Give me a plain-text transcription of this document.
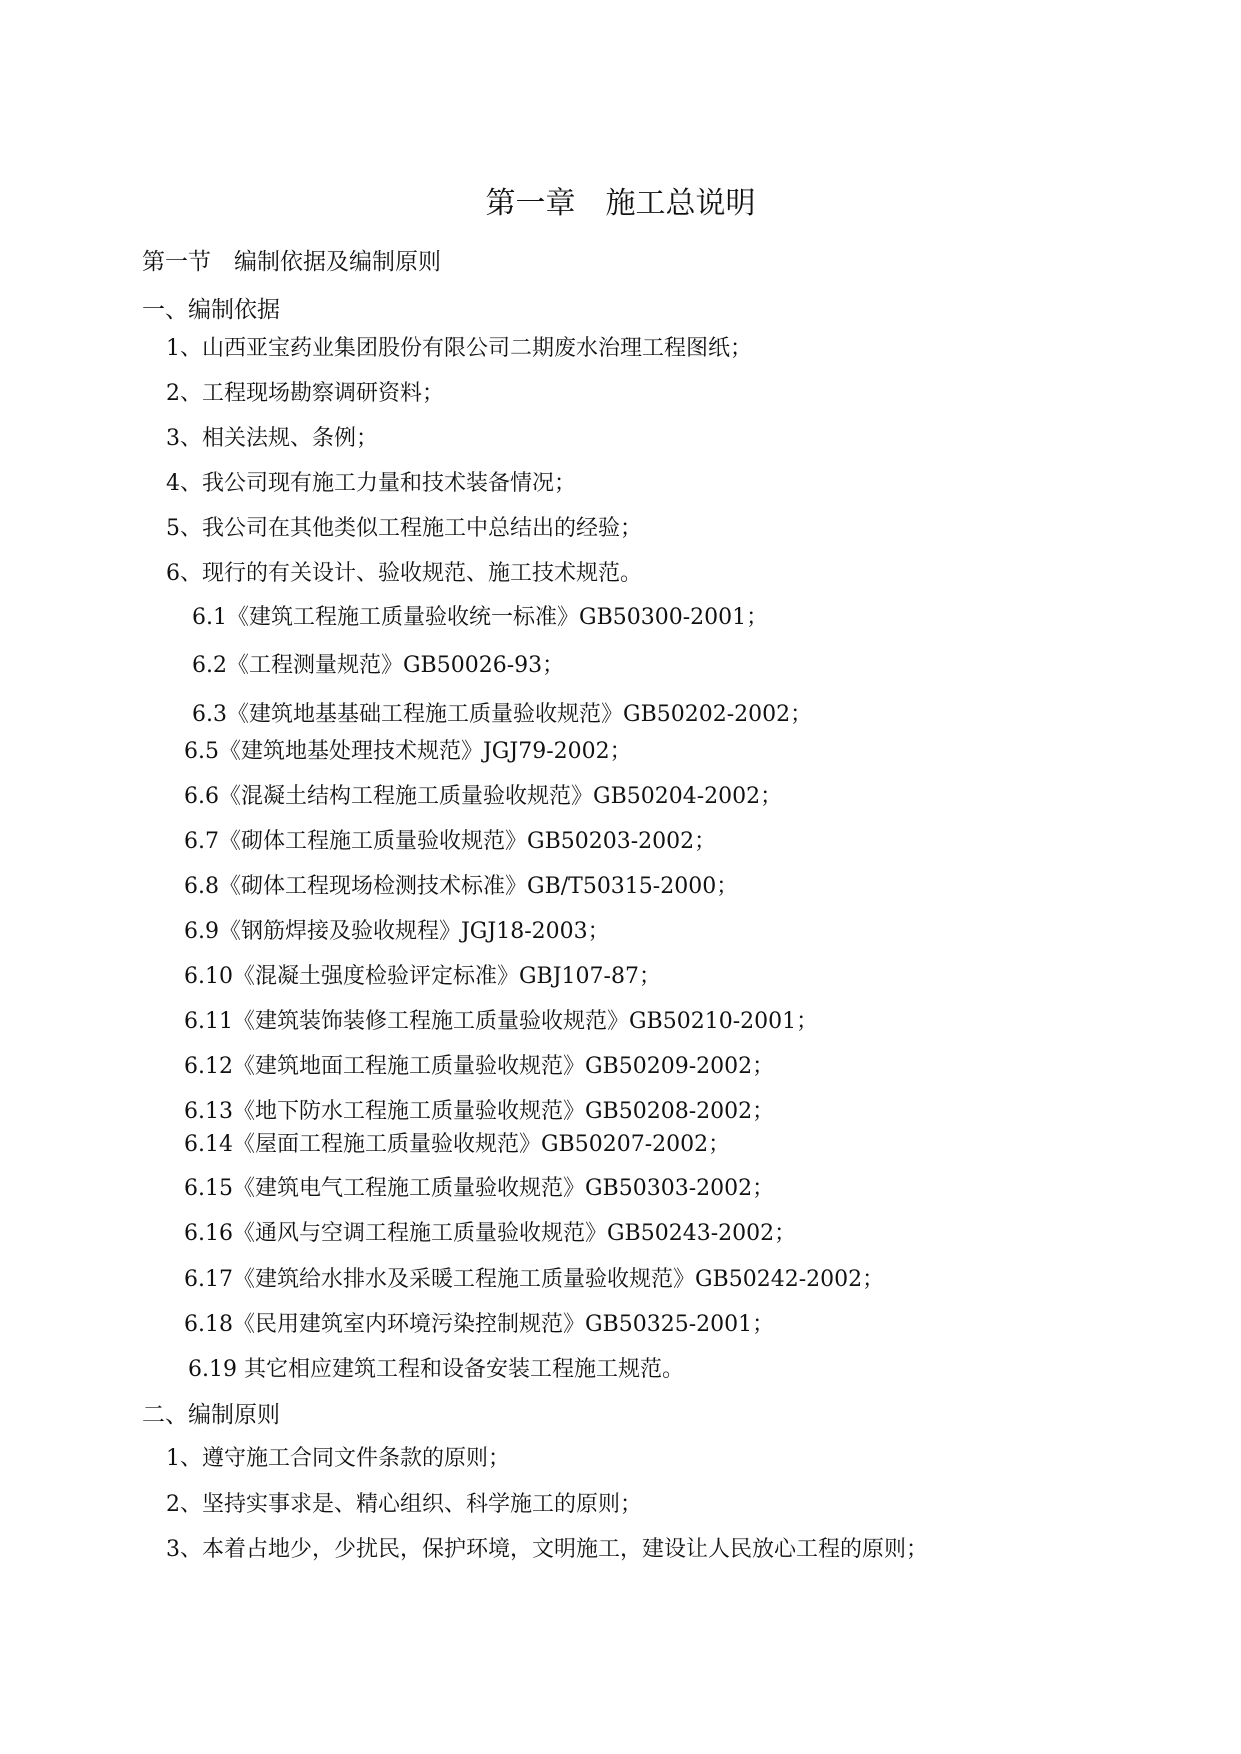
第一章　施工总说明
第一节　编制依据及编制原则
一、编制依据
1、山西亚宝药业集团股份有限公司二期废水治理工程图纸；
2、工程现场勘察调研资料；
3、相关法规、条例；
4、我公司现有施工力量和技术装备情况；
5、我公司在其他类似工程施工中总结出的经验；
6、现行的有关设计、验收规范、施工技术规范。
6.1《建筑工程施工质量验收统一标准》GB50300-2001；
6.2《工程测量规范》GB50026-93；
6.3《建筑地基基础工程施工质量验收规范》GB50202-2002；
6.5《建筑地基处理技术规范》JGJ79-2002；
6.6《混凝土结构工程施工质量验收规范》GB50204-2002；
6.7《砌体工程施工质量验收规范》GB50203-2002；
6.8《砌体工程现场检测技术标准》GB/T50315-2000；
6.9《钢筋焊接及验收规程》JGJ18-2003；
6.10《混凝土强度检验评定标准》GBJ107-87；
6.11《建筑装饰装修工程施工质量验收规范》GB50210-2001；
6.12《建筑地面工程施工质量验收规范》GB50209-2002；
6.13《地下防水工程施工质量验收规范》GB50208-2002；
6.14《屋面工程施工质量验收规范》GB50207-2002；
6.15《建筑电气工程施工质量验收规范》GB50303-2002；
6.16《通风与空调工程施工质量验收规范》GB50243-2002；
6.17《建筑给水排水及采暖工程施工质量验收规范》GB50242-2002；
6.18《民用建筑室内环境污染控制规范》GB50325-2001；
6.19 其它相应建筑工程和设备安装工程施工规范。
二、编制原则
1、遵守施工合同文件条款的原则；
2、坚持实事求是、精心组织、科学施工的原则；
3、本着占地少，少扰民，保护环境，文明施工，建设让人民放心工程的原则；
